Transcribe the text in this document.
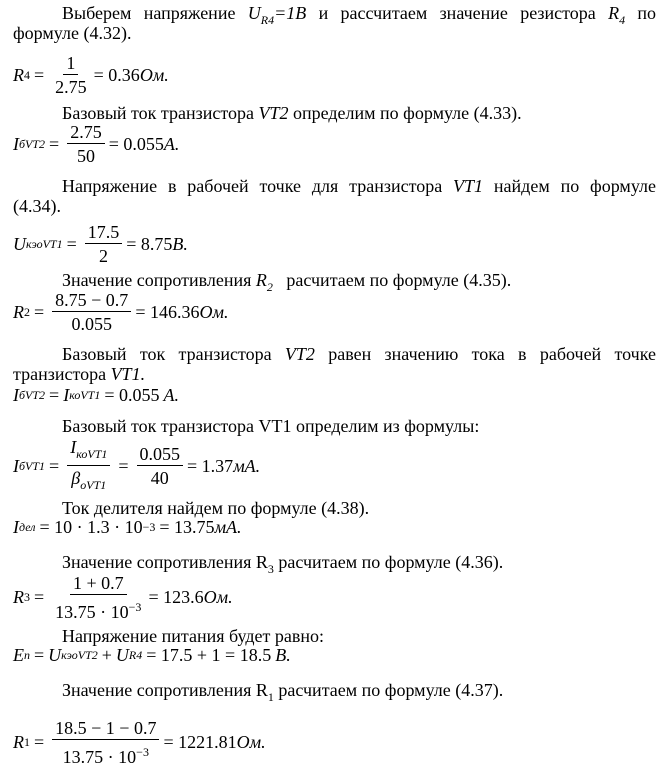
Выберем напряжение $U_{R4}=1B$ и рассчитаем значение резистора $R_4$ по
формуле (4.32).
R $4 = \frac{1}{2.75} = 0.36$ Ом.
Базовый ток транзистора VT2 определим по формуле (4.33).
I $бVT2 = \frac{2.75}{50} = 0.055$ A.
Напряжение в рабочей точке для транзистора VT1 найдем по формуле
(4.34).
U кэоVT1 = $\frac{17.5}{2} = 8.75$ B.
Значение сопротивления $R_2$ расчитаем по формуле (4.35).
R $2 = \frac{8.75 - 0.7}{0.055} = 146.36$ Ом.
Базовый ток транзистора VT2 равен значению тока в рабочей точке
транзистора VT1.
I бVT2 = I коVT1 = 0.055 A.
Базовый ток транзистора VT1 определим из формулы:
I $бVT1 = \frac{I_{коVT1}}{\beta_{оVT1}} = \frac{0.055}{40} = 1.37$ мA.
Ток делителя найдем по формуле (4.38).
I дел = 10 · 1.3 · 10 −3 = 13.75 мA.
Значение сопротивления $R_3$ расчитаем по формуле (4.36).
R $3 = \frac{1 + 0.7}{13.75 \cdot 10^{-3}} = 123.6$ Ом.
Напряжение питания будет равно:
E п = U кэоVT2 + U R4 = 17.5 + 1 = 18.5 B.
Значение сопротивления $R_1$ расчитаем по формуле (4.37).
R $1 = \frac{18.5 - 1 - 0.7}{13.75 \cdot 10^{-3}} = 1221.81$ Ом.
